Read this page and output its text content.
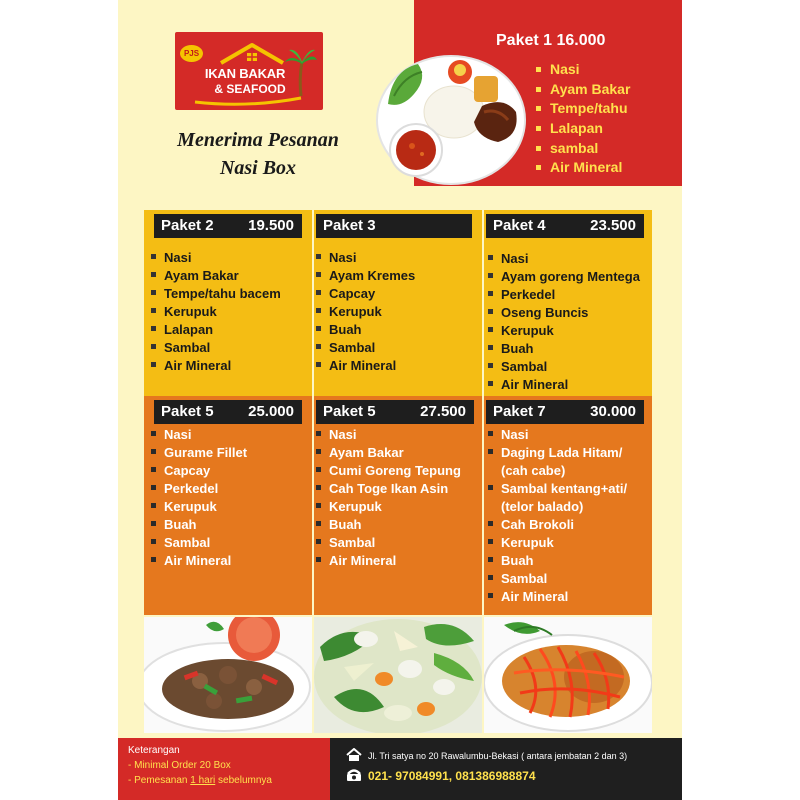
PJS
IKAN BAKAR
& SEAFOOD
Menerima Pesanan
Nasi Box
Paket 1 16.000
Nasi
Ayam Bakar
Tempe/tahu
Lalapan
sambal
Air Mineral
Paket 2 19.500
Nasi
Ayam Bakar
Tempe/tahu bacem
Kerupuk
Lalapan
Sambal
Air Mineral
Paket 3
Nasi
Ayam Kremes
Capcay
Kerupuk
Buah
Sambal
Air Mineral
Paket 4	23.500
Nasi
Ayam goreng Mentega
Perkedel
Oseng Buncis
Kerupuk
Buah
Sambal
Air Mineral
Paket 5 25.000
Nasi
Gurame Fillet
Capcay
Perkedel
Kerupuk
Buah
Sambal
Air Mineral
Paket 5	27.500
Nasi
Ayam Bakar
Cumi Goreng Tepung
Cah Toge Ikan Asin
Kerupuk
Buah
Sambal
Air Mineral
Paket 7	30.000
Nasi
Daging Lada Hitam/
(cah cabe)
Sambal kentang+ati/
(telor balado)
Cah Brokoli
Kerupuk
Buah
Sambal
Air Mineral
Keterangan
- Minimal Order 20 Box
- Pemesanan 1 hari sebelumnya
Jl. Tri satya no 20 Rawalumbu-Bekasi ( antara jembatan 2 dan 3)
021- 97084991, 081386988874
